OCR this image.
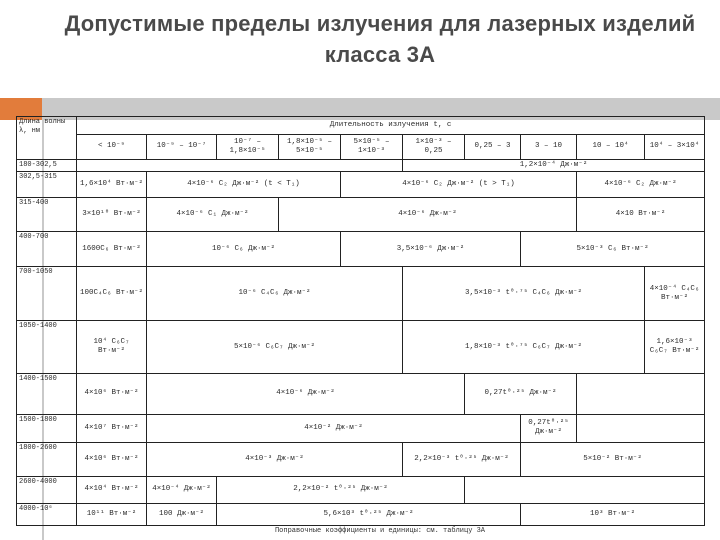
Допустимые пределы излучения для лазерных изделий класса 3А
Длина волны λ, нм	Длительность излучения t, с									
	< 10⁻⁹	10⁻⁹ – 10⁻⁷	10⁻⁷ – 1,8×10⁻⁵	1,8×10⁻⁵ – 5×10⁻⁵	5×10⁻⁵ – 1×10⁻³	1×10⁻³ – 0,25	0,25 – 3	3 – 10	10 – 10⁴	10⁴ – 3×10⁴
180-302,5						1,2×10⁻⁴ Дж·м⁻²				
302,5-315	1,6×10⁴ Вт·м⁻²	4×10⁻⁶ C₂ Дж·м⁻² (t < T₁)			4×10⁻⁶ C₂ Дж·м⁻² (t > T₁)				4×10⁻⁶ C₂ Дж·м⁻²	
315-400	3×10¹⁰ Вт·м⁻²	4×10⁻⁶ C₁ Дж·м⁻²		4×10⁻⁶ Дж·м⁻²					4×10 Вт·м⁻²	
400-700	1600C₆ Вт·м⁻²	10⁻⁶ C₆ Дж·м⁻²			3,5×10⁻⁶ Дж·м⁻²			5×10⁻³ C₆ Вт·м⁻²		
700-1050	100C₄C₆ Вт·м⁻²	10⁻⁶ C₄C₆ Дж·м⁻²				3,5×10⁻³ t⁰·⁷⁵ C₄C₆ Дж·м⁻²				4×10⁻⁴ C₄C₆ Вт·м⁻²
1050-1400	10⁴ C₆C₇ Вт·м⁻²	5×10⁻⁶ C₆C₇ Дж·м⁻²				1,8×10⁻³ t⁰·⁷⁵ C₆C₇ Дж·м⁻²				1,6×10⁻³ C₆C₇ Вт·м⁻²
1400-1500	4×10⁶ Вт·м⁻²	4×10⁻⁶ Дж·м⁻²					0,27t⁰·²⁵ Дж·м⁻²			
1500-1800	4×10⁷ Вт·м⁻²	4×10⁻² Дж·м⁻²						0,27t⁰·²⁵ Дж·м⁻²		
1800-2600	4×10⁶ Вт·м⁻²	4×10⁻³ Дж·м⁻²				2,2×10⁻³ t⁰·²⁵ Дж·м⁻²		5×10⁻² Вт·м⁻²		
2600-4000	4×10⁴ Вт·м⁻²	4×10⁻⁴ Дж·м⁻²	2,2×10⁻² t⁰·²⁵ Дж·м⁻²							
4000-10⁶	10¹¹ Вт·м⁻²	100 Дж·м⁻²	5,6×10³ t⁰·²⁵ Дж·м⁻²					10³ Вт·м⁻²		
Поправочные коэффициенты и единицы: см. таблицу 3А
